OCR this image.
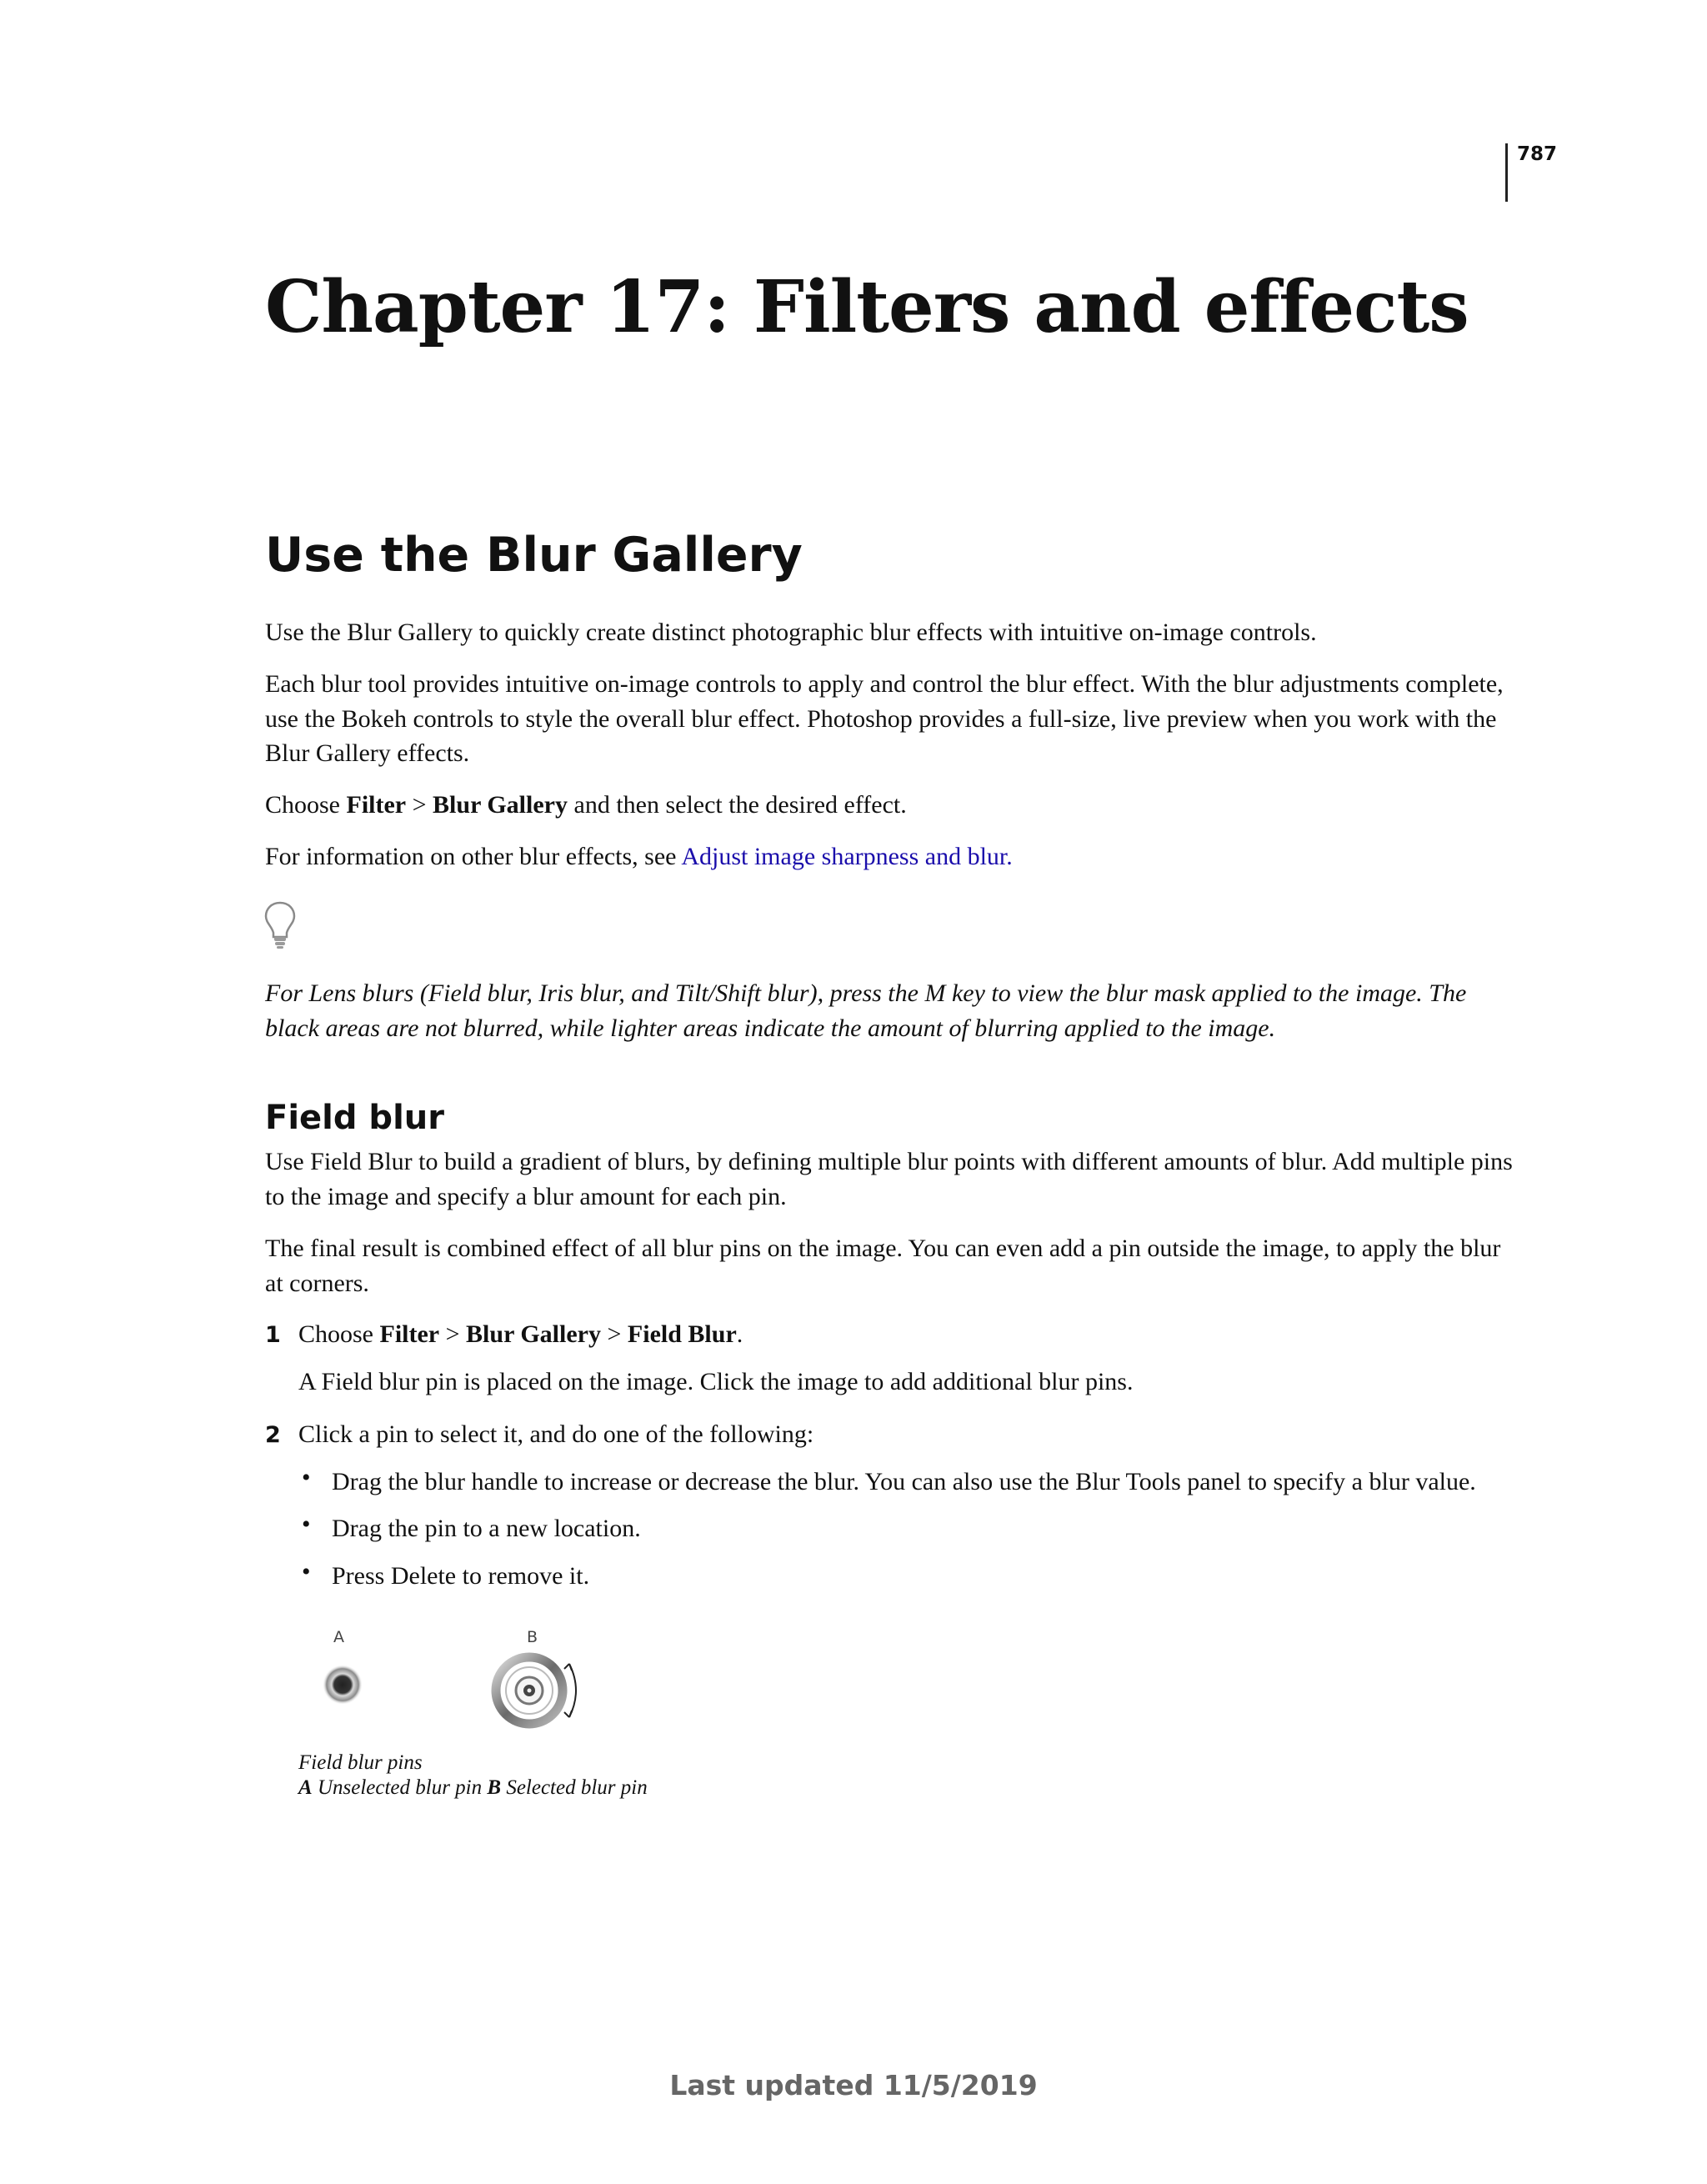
787
Chapter 17: Filters and effects
Use the Blur Gallery

Use the Blur Gallery to quickly create distinct photographic blur effects with intuitive on-image controls.

Each blur tool provides intuitive on-image controls to apply and control the blur effect. With the blur adjustments complete, use the Bokeh controls to style the overall blur effect. Photoshop provides a full-size, live preview when you work with the Blur Gallery effects.

Choose Filter > Blur Gallery and then select the desired effect.

For information on other blur effects, see Adjust image sharpness and blur.

For Lens blurs (Field blur, Iris blur, and Tilt/Shift blur), press the M key to view the blur mask applied to the image. The black areas are not blurred, while lighter areas indicate the amount of blurring applied to the image.

Field blur

Use Field Blur to build a gradient of blurs, by defining multiple blur points with different amounts of blur. Add multiple pins to the image and specify a blur amount for each pin.

The final result is combined effect of all blur pins on the image. You can even add a pin outside the image, to apply the blur at corners.

1 Choose Filter > Blur Gallery > Field Blur.

A Field blur pin is placed on the image. Click the image to add additional blur pins.

2 Click a pin to select it, and do one of the following:

• Drag the blur handle to increase or decrease the blur. You can also use the Blur Tools panel to specify a blur value.

• Drag the pin to a new location.

• Press Delete to remove it.

A	B

Field blur pins

A Unselected blur pin B Selected blur pin

Last updated 11/5/2019
